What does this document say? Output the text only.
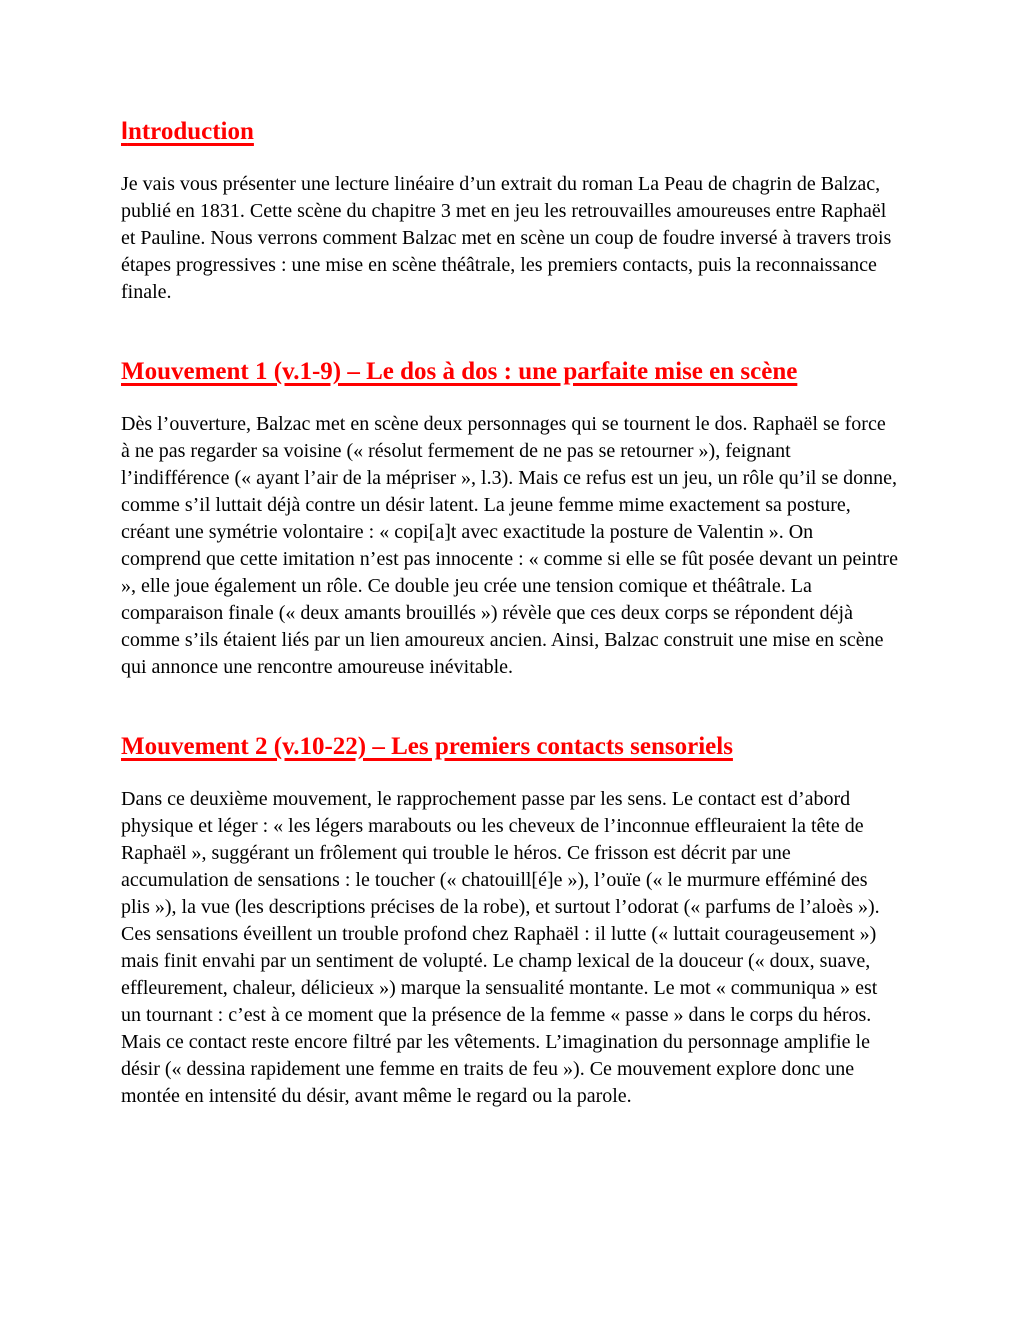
Introduction

Je vais vous présenter une lecture linéaire d’un extrait du roman La Peau de chagrin de Balzac, publié en 1831. Cette scène du chapitre 3 met en jeu les retrouvailles amoureuses entre Raphaël et Pauline. Nous verrons comment Balzac met en scène un coup de foudre inversé à travers trois étapes progressives : une mise en scène théâtrale, les premiers contacts, puis la reconnaissance finale.

Mouvement 1 (v.1-9) – Le dos à dos : une parfaite mise en scène

Dès l’ouverture, Balzac met en scène deux personnages qui se tournent le dos. Raphaël se force à ne pas regarder sa voisine (« résolut fermement de ne pas se retourner »), feignant l’indifférence (« ayant l’air de la mépriser », l.3). Mais ce refus est un jeu, un rôle qu’il se donne, comme s’il luttait déjà contre un désir latent. La jeune femme mime exactement sa posture, créant une symétrie volontaire : « copi[a]t avec exactitude la posture de Valentin ». On comprend que cette imitation n’est pas innocente : « comme si elle se fût posée devant un peintre », elle joue également un rôle. Ce double jeu crée une tension comique et théâtrale. La comparaison finale (« deux amants brouillés ») révèle que ces deux corps se répondent déjà comme s’ils étaient liés par un lien amoureux ancien. Ainsi, Balzac construit une mise en scène qui annonce une rencontre amoureuse inévitable.

Mouvement 2 (v.10-22) – Les premiers contacts sensoriels

Dans ce deuxième mouvement, le rapprochement passe par les sens. Le contact est d’abord physique et léger : « les légers marabouts ou les cheveux de l’inconnue effleuraient la tête de Raphaël », suggérant un frôlement qui trouble le héros. Ce frisson est décrit par une accumulation de sensations : le toucher (« chatouill[é]e »), l’ouïe (« le murmure efféminé des plis »), la vue (les descriptions précises de la robe), et surtout l’odorat (« parfums de l’aloès »). Ces sensations éveillent un trouble profond chez Raphaël : il lutte (« luttait courageusement ») mais finit envahi par un sentiment de volupté. Le champ lexical de la douceur (« doux, suave, effleurement, chaleur, délicieux ») marque la sensualité montante. Le mot « communiqua » est un tournant : c’est à ce moment que la présence de la femme « passe » dans le corps du héros. Mais ce contact reste encore filtré par les vêtements. L’imagination du personnage amplifie le désir (« dessina rapidement une femme en traits de feu »). Ce mouvement explore donc une montée en intensité du désir, avant même le regard ou la parole.
